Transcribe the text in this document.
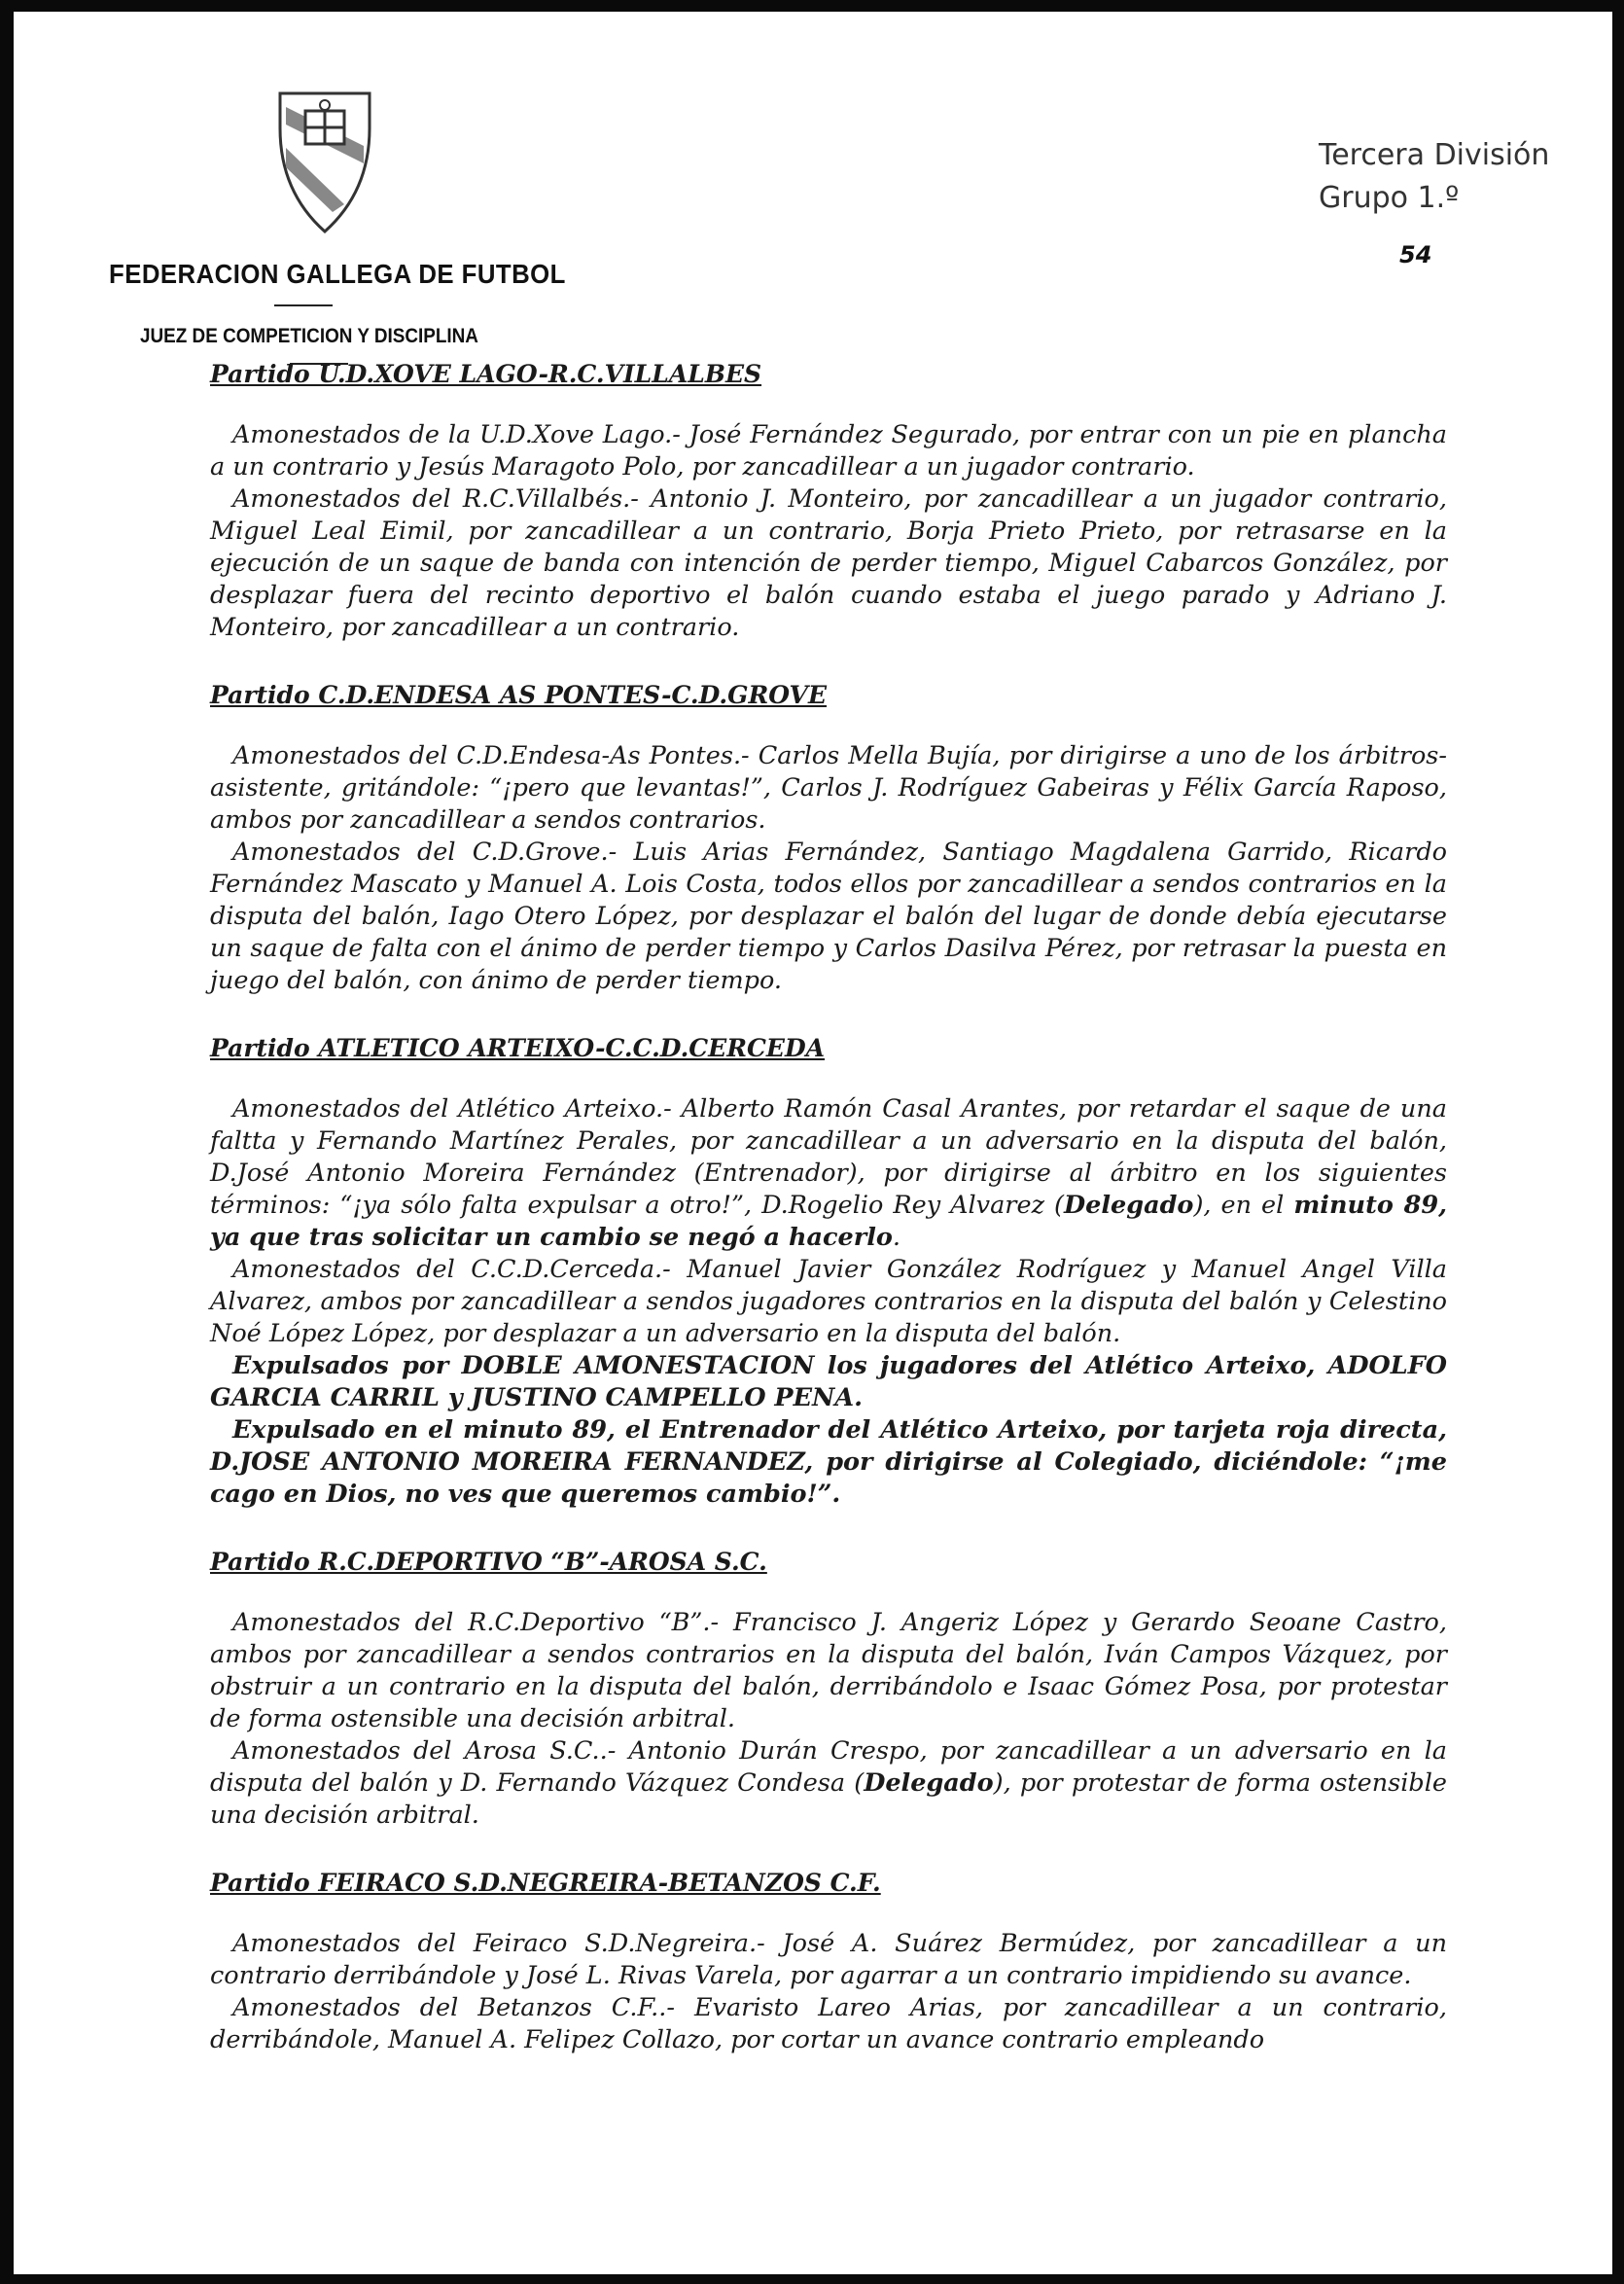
FEDERACION GALLEGA DE FUTBOL
JUEZ DE COMPETICION Y DISCIPLINA
Tercera División
Grupo 1.º
54
Partido U.D.XOVE LAGO-R.C.VILLALBES

Amonestados de la U.D.Xove Lago.- José Fernández Segurado, por entrar con un pie en plancha a un contrario y Jesús Maragoto Polo, por zancadillear a un jugador contrario.

Amonestados del R.C.Villalbés.- Antonio J. Monteiro, por zancadillear a un jugador contrario, Miguel Leal Eimil, por zancadillear a un contrario, Borja Prieto Prieto, por retrasarse en la ejecución de un saque de banda con intención de perder tiempo, Miguel Cabarcos González, por desplazar fuera del recinto deportivo el balón cuando estaba el juego parado y Adriano J. Monteiro, por zancadillear a un contrario.

Partido C.D.ENDESA AS PONTES-C.D.GROVE

Amonestados del C.D.Endesa-As Pontes.- Carlos Mella Bujía, por dirigirse a uno de los árbitros-asistente, gritándole: “¡pero que levantas!”, Carlos J. Rodríguez Gabeiras y Félix García Raposo, ambos por zancadillear a sendos contrarios.

Amonestados del C.D.Grove.- Luis Arias Fernández, Santiago Magdalena Garrido, Ricardo Fernández Mascato y Manuel A. Lois Costa, todos ellos por zancadillear a sendos contrarios en la disputa del balón, Iago Otero López, por desplazar el balón del lugar de donde debía ejecutarse un saque de falta con el ánimo de perder tiempo y Carlos Dasilva Pérez, por retrasar la puesta en juego del balón, con ánimo de perder tiempo.

Partido ATLETICO ARTEIXO-C.C.D.CERCEDA

Amonestados del Atlético Arteixo.- Alberto Ramón Casal Arantes, por retardar el saque de una faltta y Fernando Martínez Perales, por zancadillear a un adversario en la disputa del balón, D.José Antonio Moreira Fernández (Entrenador), por dirigirse al árbitro en los siguientes términos: “¡ya sólo falta expulsar a otro!”, D.Rogelio Rey Alvarez (Delegado), en el minuto 89, ya que tras solicitar un cambio se negó a hacerlo.

Amonestados del C.C.D.Cerceda.- Manuel Javier González Rodríguez y Manuel Angel Villa Alvarez, ambos por zancadillear a sendos jugadores contrarios en la disputa del balón y Celestino Noé López López, por desplazar a un adversario en la disputa del balón.

Expulsados por DOBLE AMONESTACION los jugadores del Atlético Arteixo, ADOLFO GARCIA CARRIL y JUSTINO CAMPELLO PENA.

Expulsado en el minuto 89, el Entrenador del Atlético Arteixo, por tarjeta roja directa, D.JOSE ANTONIO MOREIRA FERNANDEZ, por dirigirse al Colegiado, diciéndole: “¡me cago en Dios, no ves que queremos cambio!”.

Partido R.C.DEPORTIVO “B”-AROSA S.C.

Amonestados del R.C.Deportivo “B”.- Francisco J. Angeriz López y Gerardo Seoane Castro, ambos por zancadillear a sendos contrarios en la disputa del balón, Iván Campos Vázquez, por obstruir a un contrario en la disputa del balón, derribándolo e Isaac Gómez Posa, por protestar de forma ostensible una decisión arbitral.

Amonestados del Arosa S.C..- Antonio Durán Crespo, por zancadillear a un adversario en la disputa del balón y D. Fernando Vázquez Condesa (Delegado), por protestar de forma ostensible una decisión arbitral.

Partido FEIRACO S.D.NEGREIRA-BETANZOS C.F.

Amonestados del Feiraco S.D.Negreira.- José A. Suárez Bermúdez, por zancadillear a un contrario derribándole y José L. Rivas Varela, por agarrar a un contrario impidiendo su avance.

Amonestados del Betanzos C.F..- Evaristo Lareo Arias, por zancadillear a un contrario, derribándole, Manuel A. Felipez Collazo, por cortar un avance contrario empleando
